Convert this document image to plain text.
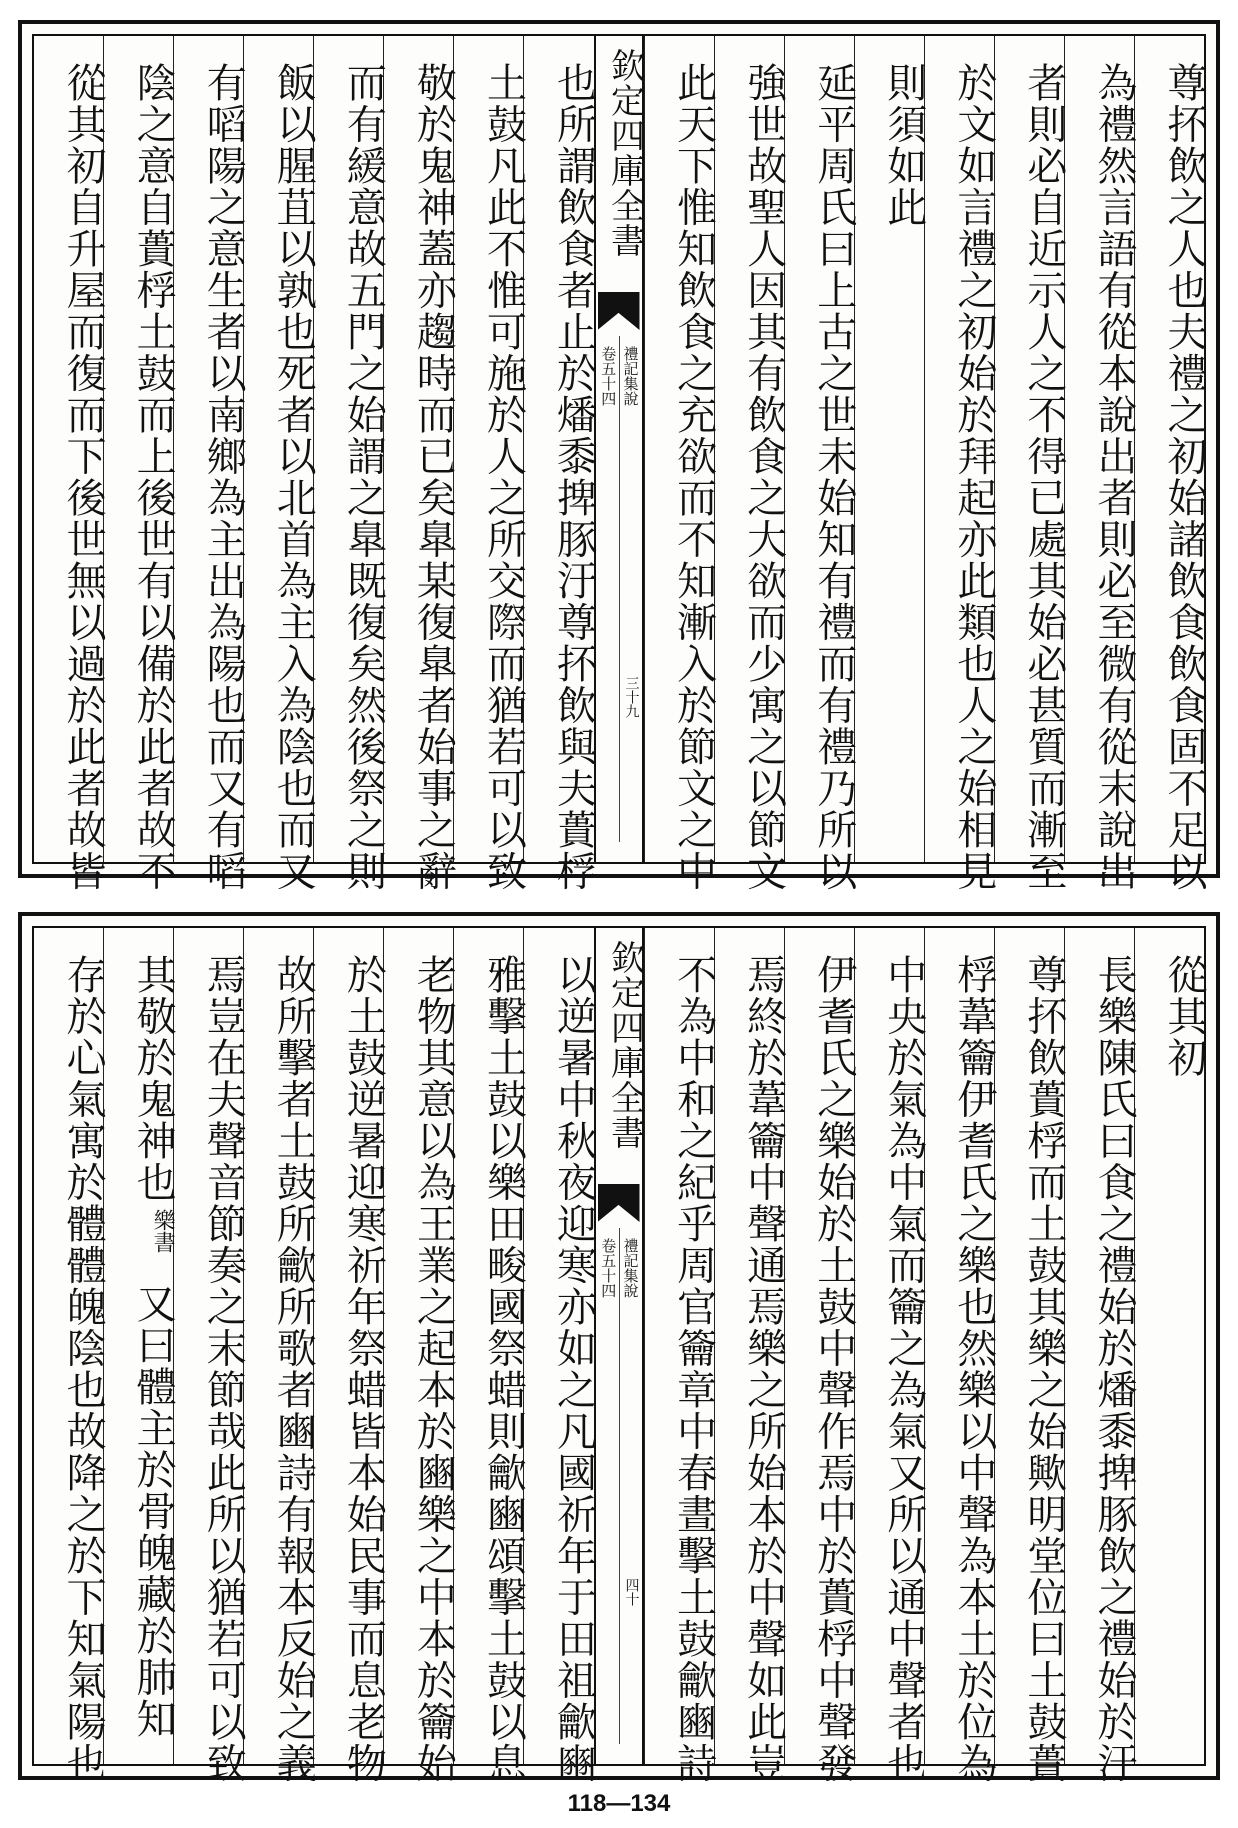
尊抔飲之人也夫禮之初始諸飲食飲食固不足以
為禮然言語有從本說出者則必至微有從末說出
者則必自近示人之不得已處其始必甚質而漸至
於文如言禮之初始於拜起亦此類也人之始相見
則須如此
延平周氏曰上古之世未始知有禮而有禮乃所以
強世故聖人因其有飲食之大欲而少寓之以節文
此天下惟知飲食之充欲而不知漸入於節文之中
欽定四庫全書
禮記集說
卷五十四
三十九
也所謂飲食者止於燔黍捭豚汙尊抔飲與夫蕢桴
土鼓凡此不惟可施於人之所交際而猶若可以致
敬於鬼神蓋亦趨時而已矣臯某復臯者始事之辭
而有緩意故五門之始謂之臯既復矣然後祭之則
飯以腥苴以孰也死者以北首為主入為陰也而又
有㗖陽之意生者以南鄉為主出為陽也而又有㗖
陰之意自蕢桴土鼓而上後世有以備於此者故不
從其初自升屋而復而下後世無以過於此者故皆
從其初
長樂陳氏曰食之禮始於燔黍捭豚飲之禮始於汙
尊抔飲蕢桴而土鼓其樂之始歟明堂位曰土鼓蕢
桴葦籥伊耆氏之樂也然樂以中聲為本土於位為
中央於氣為中氣而籥之為氣又所以通中聲者也
伊耆氏之樂始於土鼓中聲作焉中於蕢桴中聲發
焉終於葦籥中聲通焉樂之所始本於中聲如此豈
不為中和之紀乎周官籥章中春晝擊土鼓龡豳詩
欽定四庫全書
禮記集說
卷五十四
四十
以逆暑中秋夜迎寒亦如之凡國祈年于田祖龡豳
雅擊土鼓以樂田畯國祭蜡則龡豳頌擊土鼓以息
老物其意以為王業之起本於豳樂之中本於籥始
於土鼓逆暑迎寒祈年祭蜡皆本始民事而息老物
故所擊者土鼓所龡所歌者豳詩有報本反始之義
焉豈在夫聲音節奏之末節哉此所以猶若可以致
其敬於鬼神也
樂書
又曰體主於骨魄藏於肺知
存於心氣寓於體體魄陰也故降之於下知氣陽也
118—134
